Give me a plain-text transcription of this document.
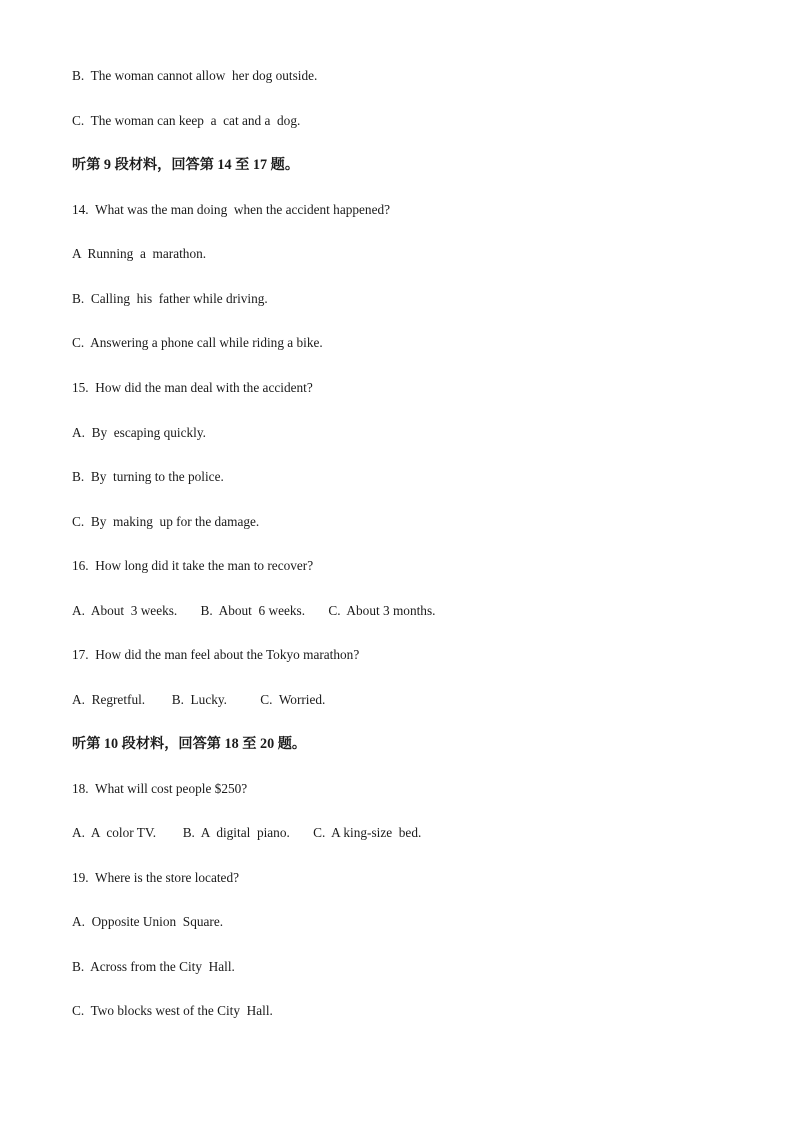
B.  The woman cannot allow  her dog outside.
C.  The woman can keep  a  cat and a  dog.
听第 9 段材料，回答第 14 至 17 题。
14.  What was the man doing  when the accident happened?
A  Running  a  marathon.
B.  Calling  his  father while driving.
C.  Answering a phone call while riding a bike.
15.  How did the man deal with the accident?
A.  By  escaping quickly.
B.  By  turning to the police.
C.  By  making  up for the damage.
16.  How long did it take the man to recover?
A.  About  3 weeks.       B.  About  6 weeks.       C.  About 3 months.
17.  How did the man feel about the Tokyo marathon?
A.  Regretful.        B.  Lucky.          C.  Worried.
听第 10 段材料，回答第 18 至 20 题。
18.  What will cost people $250?
A.  A  color TV.        B.  A  digital  piano.       C.  A king-size  bed.
19.  Where is the store located?
A.  Opposite Union  Square.
B.  Across from the City  Hall.
C.  Two blocks west of the City  Hall.
